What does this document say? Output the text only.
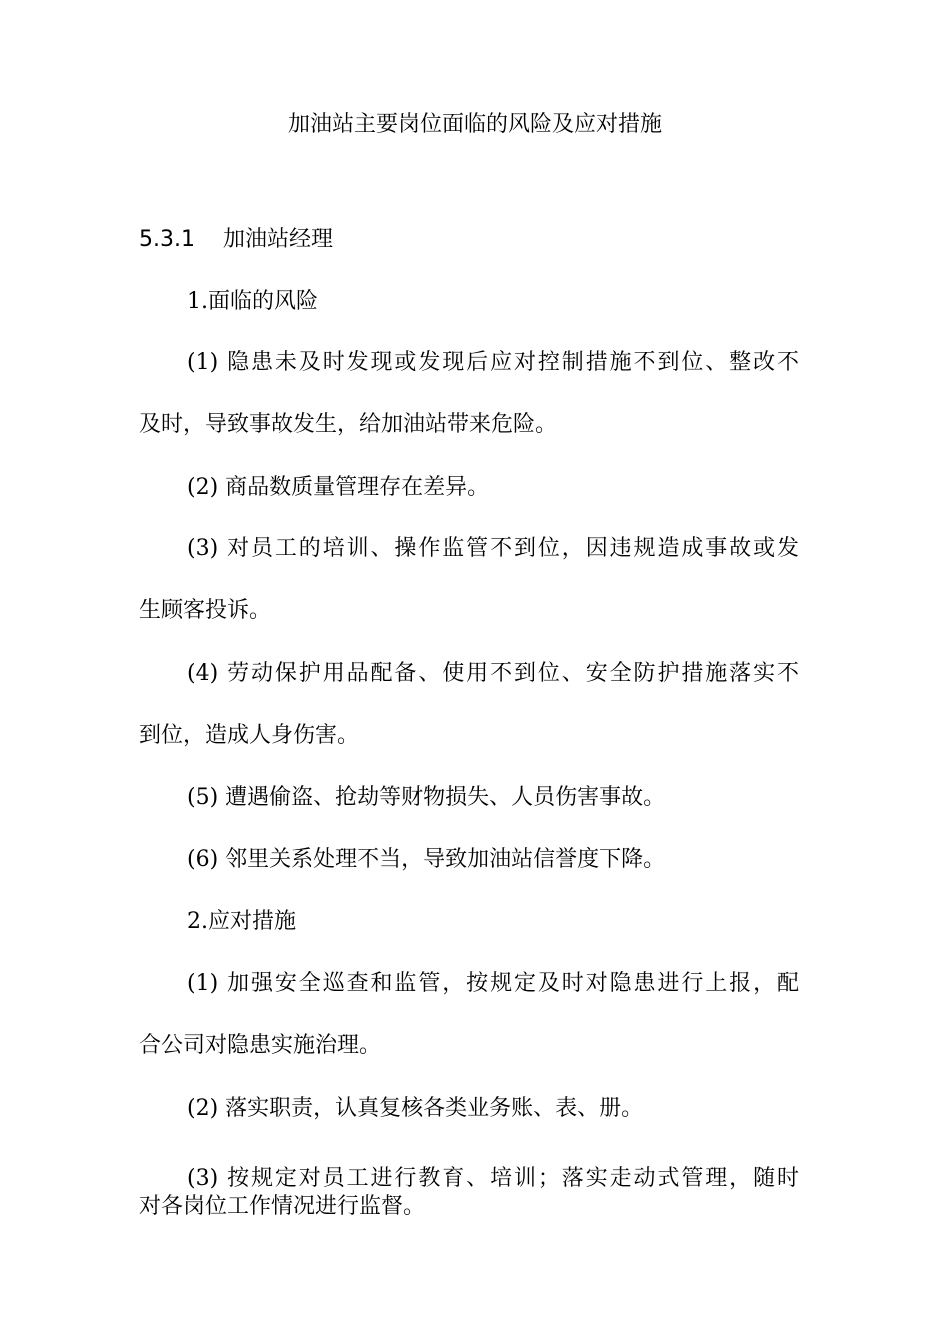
加油站主要岗位面临的风险及应对措施
5.3.1 加油站经理
1.面临的风险
(1) 隐患未及时发现或发现后应对控制措施不到位、整改不
及时，导致事故发生，给加油站带来危险。
(2) 商品数质量管理存在差异。
(3) 对员工的培训、操作监管不到位，因违规造成事故或发
生顾客投诉。
(4) 劳动保护用品配备、使用不到位、安全防护措施落实不
到位，造成人身伤害。
(5) 遭遇偷盗、抢劫等财物损失、人员伤害事故。
(6) 邻里关系处理不当，导致加油站信誉度下降。
2.应对措施
(1) 加强安全巡查和监管，按规定及时对隐患进行上报，配
合公司对隐患实施治理。
(2) 落实职责，认真复核各类业务账、表、册。
(3) 按规定对员工进行教育、培训；落实走动式管理，随时
对各岗位工作情况进行监督。
